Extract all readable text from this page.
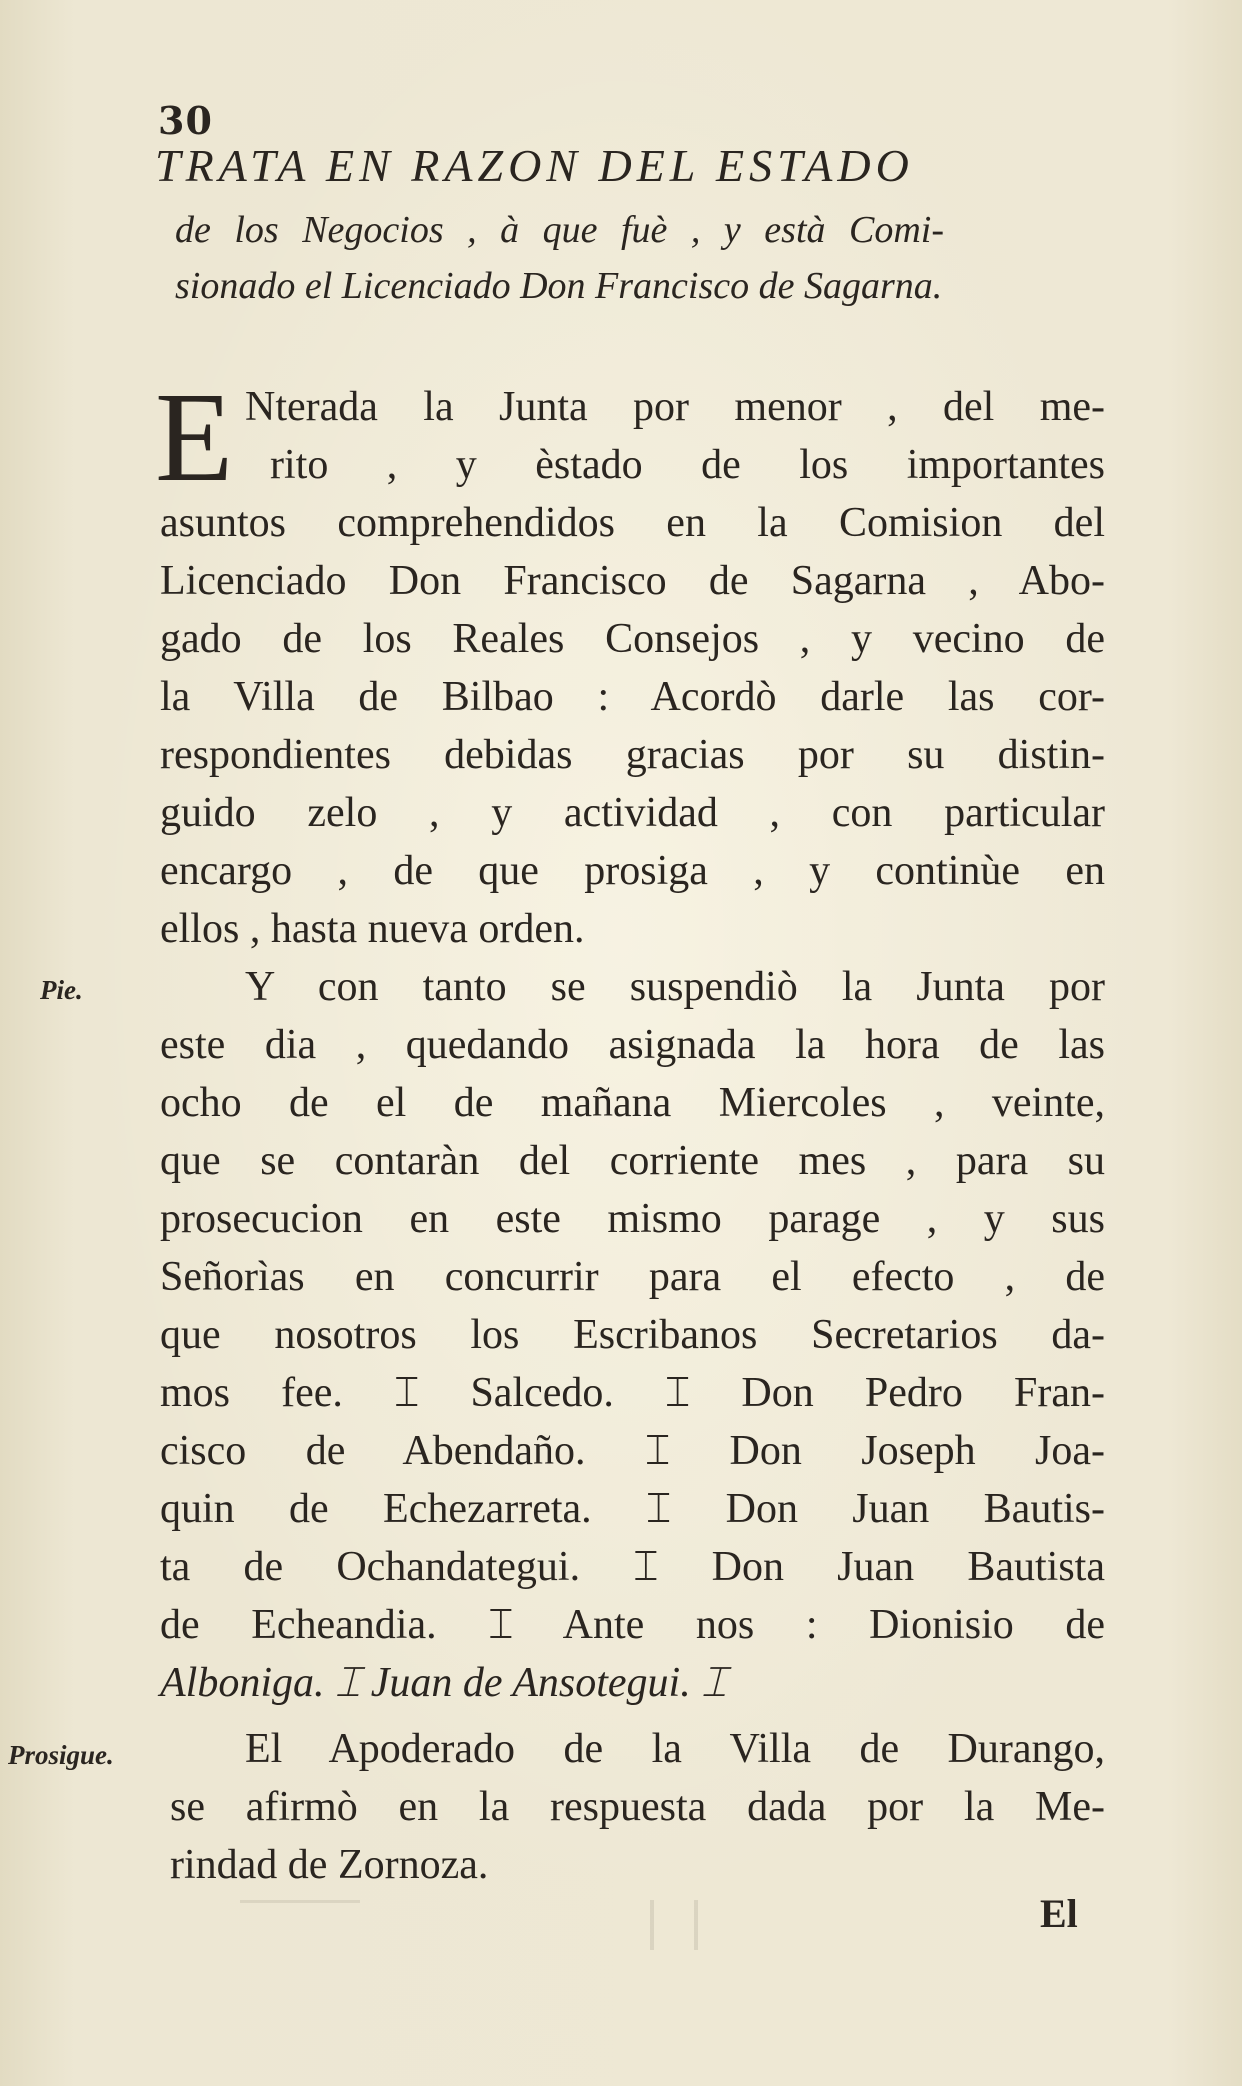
30
TRATA EN RAZON DEL ESTADO
de los Negocios , à que fuè , y està Comi-
sionado el Licenciado Don Francisco de Sagarna.
E Nterada la Junta por menor , del me-
rito , y èstado de los importantes
asuntos comprehendidos en la Comision del
Licenciado Don Francisco de Sagarna , Abo-
gado de los Reales Consejos , y vecino de
la Villa de Bilbao : Acordò darle las cor-
respondientes debidas gracias por su distin-
guido zelo , y actividad , con particular
encargo , de que prosiga , y continùe en
ellos , hasta nueva orden.
Pie.	Y con tanto se suspendiò la Junta por
este dia , quedando asignada la hora de las
ocho de el de mañana Miercoles , veinte,
que se contaràn del corriente mes , para su
prosecucion en este mismo parage , y sus
Señorìas en concurrir para el efecto , de
que nosotros los Escribanos Secretarios da-
mos fee. ⌶ Salcedo. ⌶ Don Pedro Fran-
cisco de Abendaño. ⌶ Don Joseph Joa-
quin de Echezarreta. ⌶ Don Juan Bautis-
ta de Ochandategui. ⌶ Don Juan Bautista
de Echeandia. ⌶ Ante nos : Dionisio de
Alboniga. ⌶ Juan de Ansotegui. ⌶
Prosigue.	El Apoderado de la Villa de Durango,
se afirmò en la respuesta dada por la Me-
rindad de Zornoza.
El
